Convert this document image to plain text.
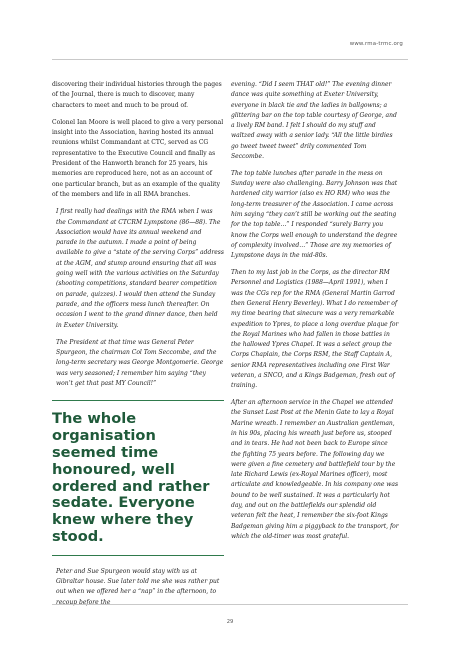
www.rma-trmc.org

discovering their individual histories through the pages of the Journal, there is much to discover, many characters to meet and much to be proud of.

Colonel Ian Moore is well placed to give a very personal insight into the Association, having hosted its annual reunions whilst Commandant at CTC, served as CG representative to the Executive Council and finally as President of the Hanworth branch for 25 years, his memories are reproduced here, not as an account of one particular branch, but as an example of the quality of the members and life in all RMA branches.

I first really had dealings with the RMA when I was the Commandant at CTCRM Lympstone (86—88). The Association would have its annual weekend and parade in the autumn. I made a point of being available to give a “state of the serving Corps” address at the AGM, and stump around ensuring that all was going well with the various activities on the Saturday (shooting competitions, standard bearer competition on parade, quizzes). I would then attend the Sunday parade, and the officers mess lunch thereafter. On occasion I went to the grand dinner dance, then held in Exeter University.

The President at that time was General Peter Spurgeon, the chairman Col Tom Seccombe, and the long-term secretary was George Montgomerie. George was very seasoned; I remember him saying “they won’t get that past MY Council!”

The whole organisation seemed time honoured, well ordered and rather sedate. Everyone knew where they stood.

Peter and Sue Spurgeon would stay with us at Gibraltar house. Sue later told me she was rather put out when we offered her a “nap” in the afternoon, to recoup before the

evening. “Did I seem THAT old!” The evening dinner dance was quite something at Exeter University, everyone in black tie and the ladies in ballgowns; a glittering bar on the top table courtesy of George, and a lively RM band. I felt I should do my stuff and waltzed away with a senior lady. “All the little birdies go tweet tweet tweet” drily commented Tom Seccombe.

The top table lunches after parade in the mess on Sunday were also challenging. Barry Johnson was that hardened city warrior (also ex HO RM) who was the long-term treasurer of the Association. I came across him saying “they can’t still be working out the seating for the top table…” I responded “surely Barry you know the Corps well enough to understand the degree of complexity involved…” Those are my memories of Lympstone days in the mid-80s.

Then to my last job in the Corps, as the director RM Personnel and Logistics (1988—April 1991), when I was the CGs rep for the RMA (General Martin Garrod then General Henry Beverley). What I do remember of my time bearing that sinecure was a very remarkable expedition to Ypres, to place a long overdue plaque for the Royal Marines who had fallen in those battles in the hallowed Ypres Chapel. It was a select group the Corps Chaplain, the Corps RSM, the Staff Captain A, senior RMA representatives including one First War veteran, a SNCO, and a Kings Badgeman, fresh out of training.

After an afternoon service in the Chapel we attended the Sunset Last Post at the Menin Gate to lay a Royal Marine wreath. I remember an Australian gentleman, in his 90s, placing his wreath just before us, stooped and in tears. He had not been back to Europe since the fighting 75 years before. The following day we were given a fine cemetery and battlefield tour by the late Richard Lewis (ex-Royal Marines officer), most articulate and knowledgeable. In his company one was bound to be well sustained. It was a particularly hot day, and out on the battlefields our splendid old veteran felt the heat, I remember the six-foot Kings Badgeman giving him a piggyback to the transport, for which the old-timer was most grateful.

29
